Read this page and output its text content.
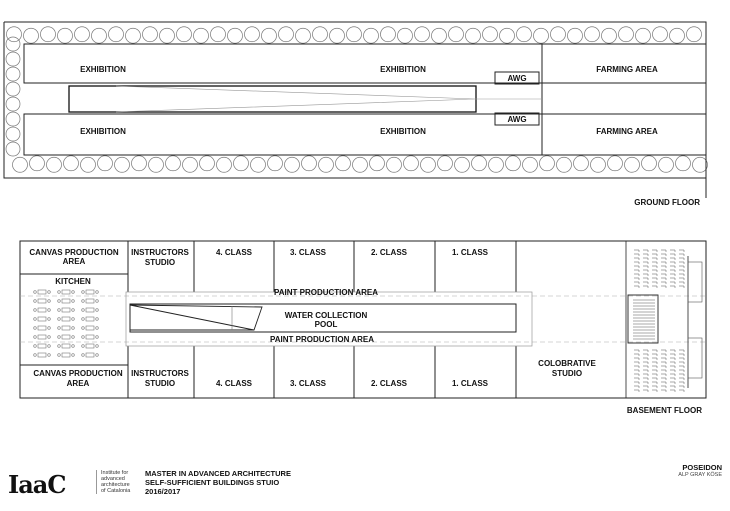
EXHIBITION	EXHIBITION
EXHIBITION	EXHIBITION
AWG
AWG
FARMING AREA
FARMING AREA
GROUND FLOOR
CANVAS PRODUCTION
AREA
INSTRUCTORS
STUDIO
4. CLASS	3. CLASS	2. CLASS	1. CLASS
KITCHEN
PAINT PRODUCTION AREA
WATER COLLECTION
POOL
PAINT PRODUCTION AREA
CANVAS PRODUCTION
AREA
INSTRUCTORS
STUDIO	4. CLASS	3. CLASS	2. CLASS	1. CLASS
COLOBRATIVE
STUDIO
BASEMENT FLOOR
IaaC	Institute for
advanced
architecture
of Catalonia
MASTER IN ADVANCED ARCHITECTURE
SELF-SUFFICIENT BUILDINGS STUIO
2016/2017
POSEIDON
ALP GRAY KÖSE
